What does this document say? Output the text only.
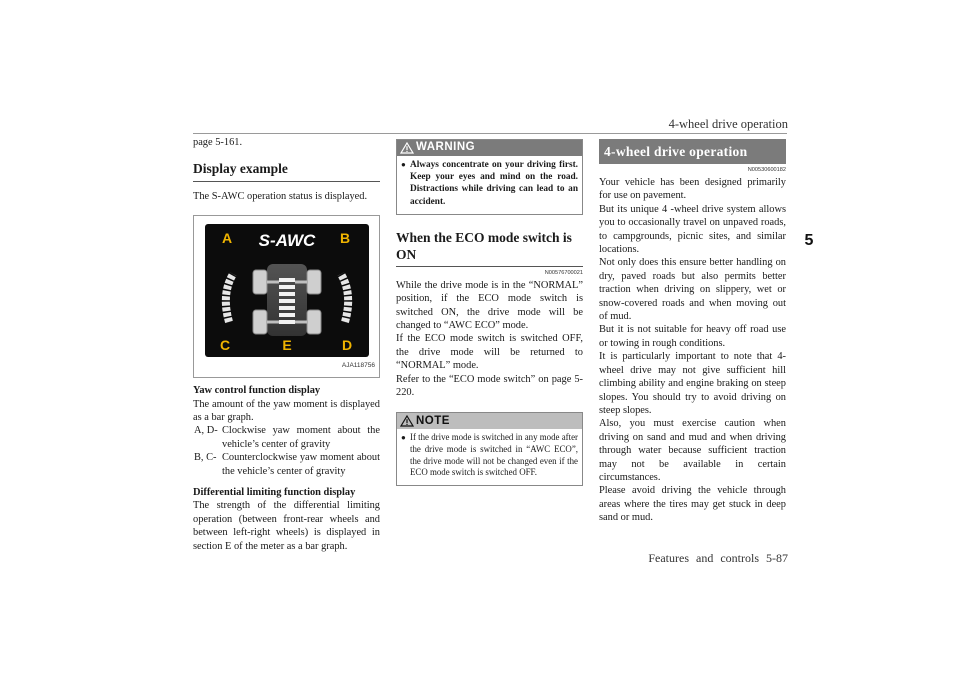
4-wheel drive operation
5

page 5-161.

Display example

The S-AWC operation status is displayed.

S-AWC
A	B
C	E	D
AJA118756
Yaw control function display

The amount of the yaw moment is displayed as a bar graph.

A, D- Clockwise yaw moment about the vehicle’s center of gravity
B, C- Counterclockwise yaw moment about the vehicle’s center of gravity
Differential limiting function display

The strength of the differential limiting operation (between front-rear wheels and between left-right wheels) is displayed in section E of the meter as a bar graph.

WARNING
● Always concentrate on your driving first. Keep your eyes and mind on the road. Distractions while driving can lead to an accident.

When the ECO mode switch is ON
N00576700021

While the drive mode is in the “NORMAL” position, if the ECO mode switch is switched ON, the drive mode will be changed to “AWC ECO” mode.
If the ECO mode switch is switched OFF, the drive mode will be returned to “NORMAL” mode.
Refer to the “ECO mode switch” on page 5-220.

NOTE
● If the drive mode is switched in any mode after the drive mode is switched in “AWC ECO”, the drive mode will not be changed even if the ECO mode switch is switched OFF.

4-wheel drive operation
N00530600182

Your vehicle has been designed primarily for use on pavement.

But its unique 4 -wheel drive system allows you to occasionally travel on unpaved roads, to campgrounds, picnic sites, and similar locations.

Not only does this ensure better handling on dry, paved roads but also permits better traction when driving on slippery, wet or snow-covered roads and when moving out of mud.

But it is not suitable for heavy off road use or towing in rough conditions.

It is particularly important to note that 4-wheel drive may not give sufficient hill climbing ability and engine braking on steep slopes. You should try to avoid driving on steep slopes.

Also, you must exercise caution when driving on sand and mud and when driving through water because sufficient traction may not be available in certain circumstances.

Please avoid driving the vehicle through areas where the tires may get stuck in deep sand or mud.

Features and controls 5-87
